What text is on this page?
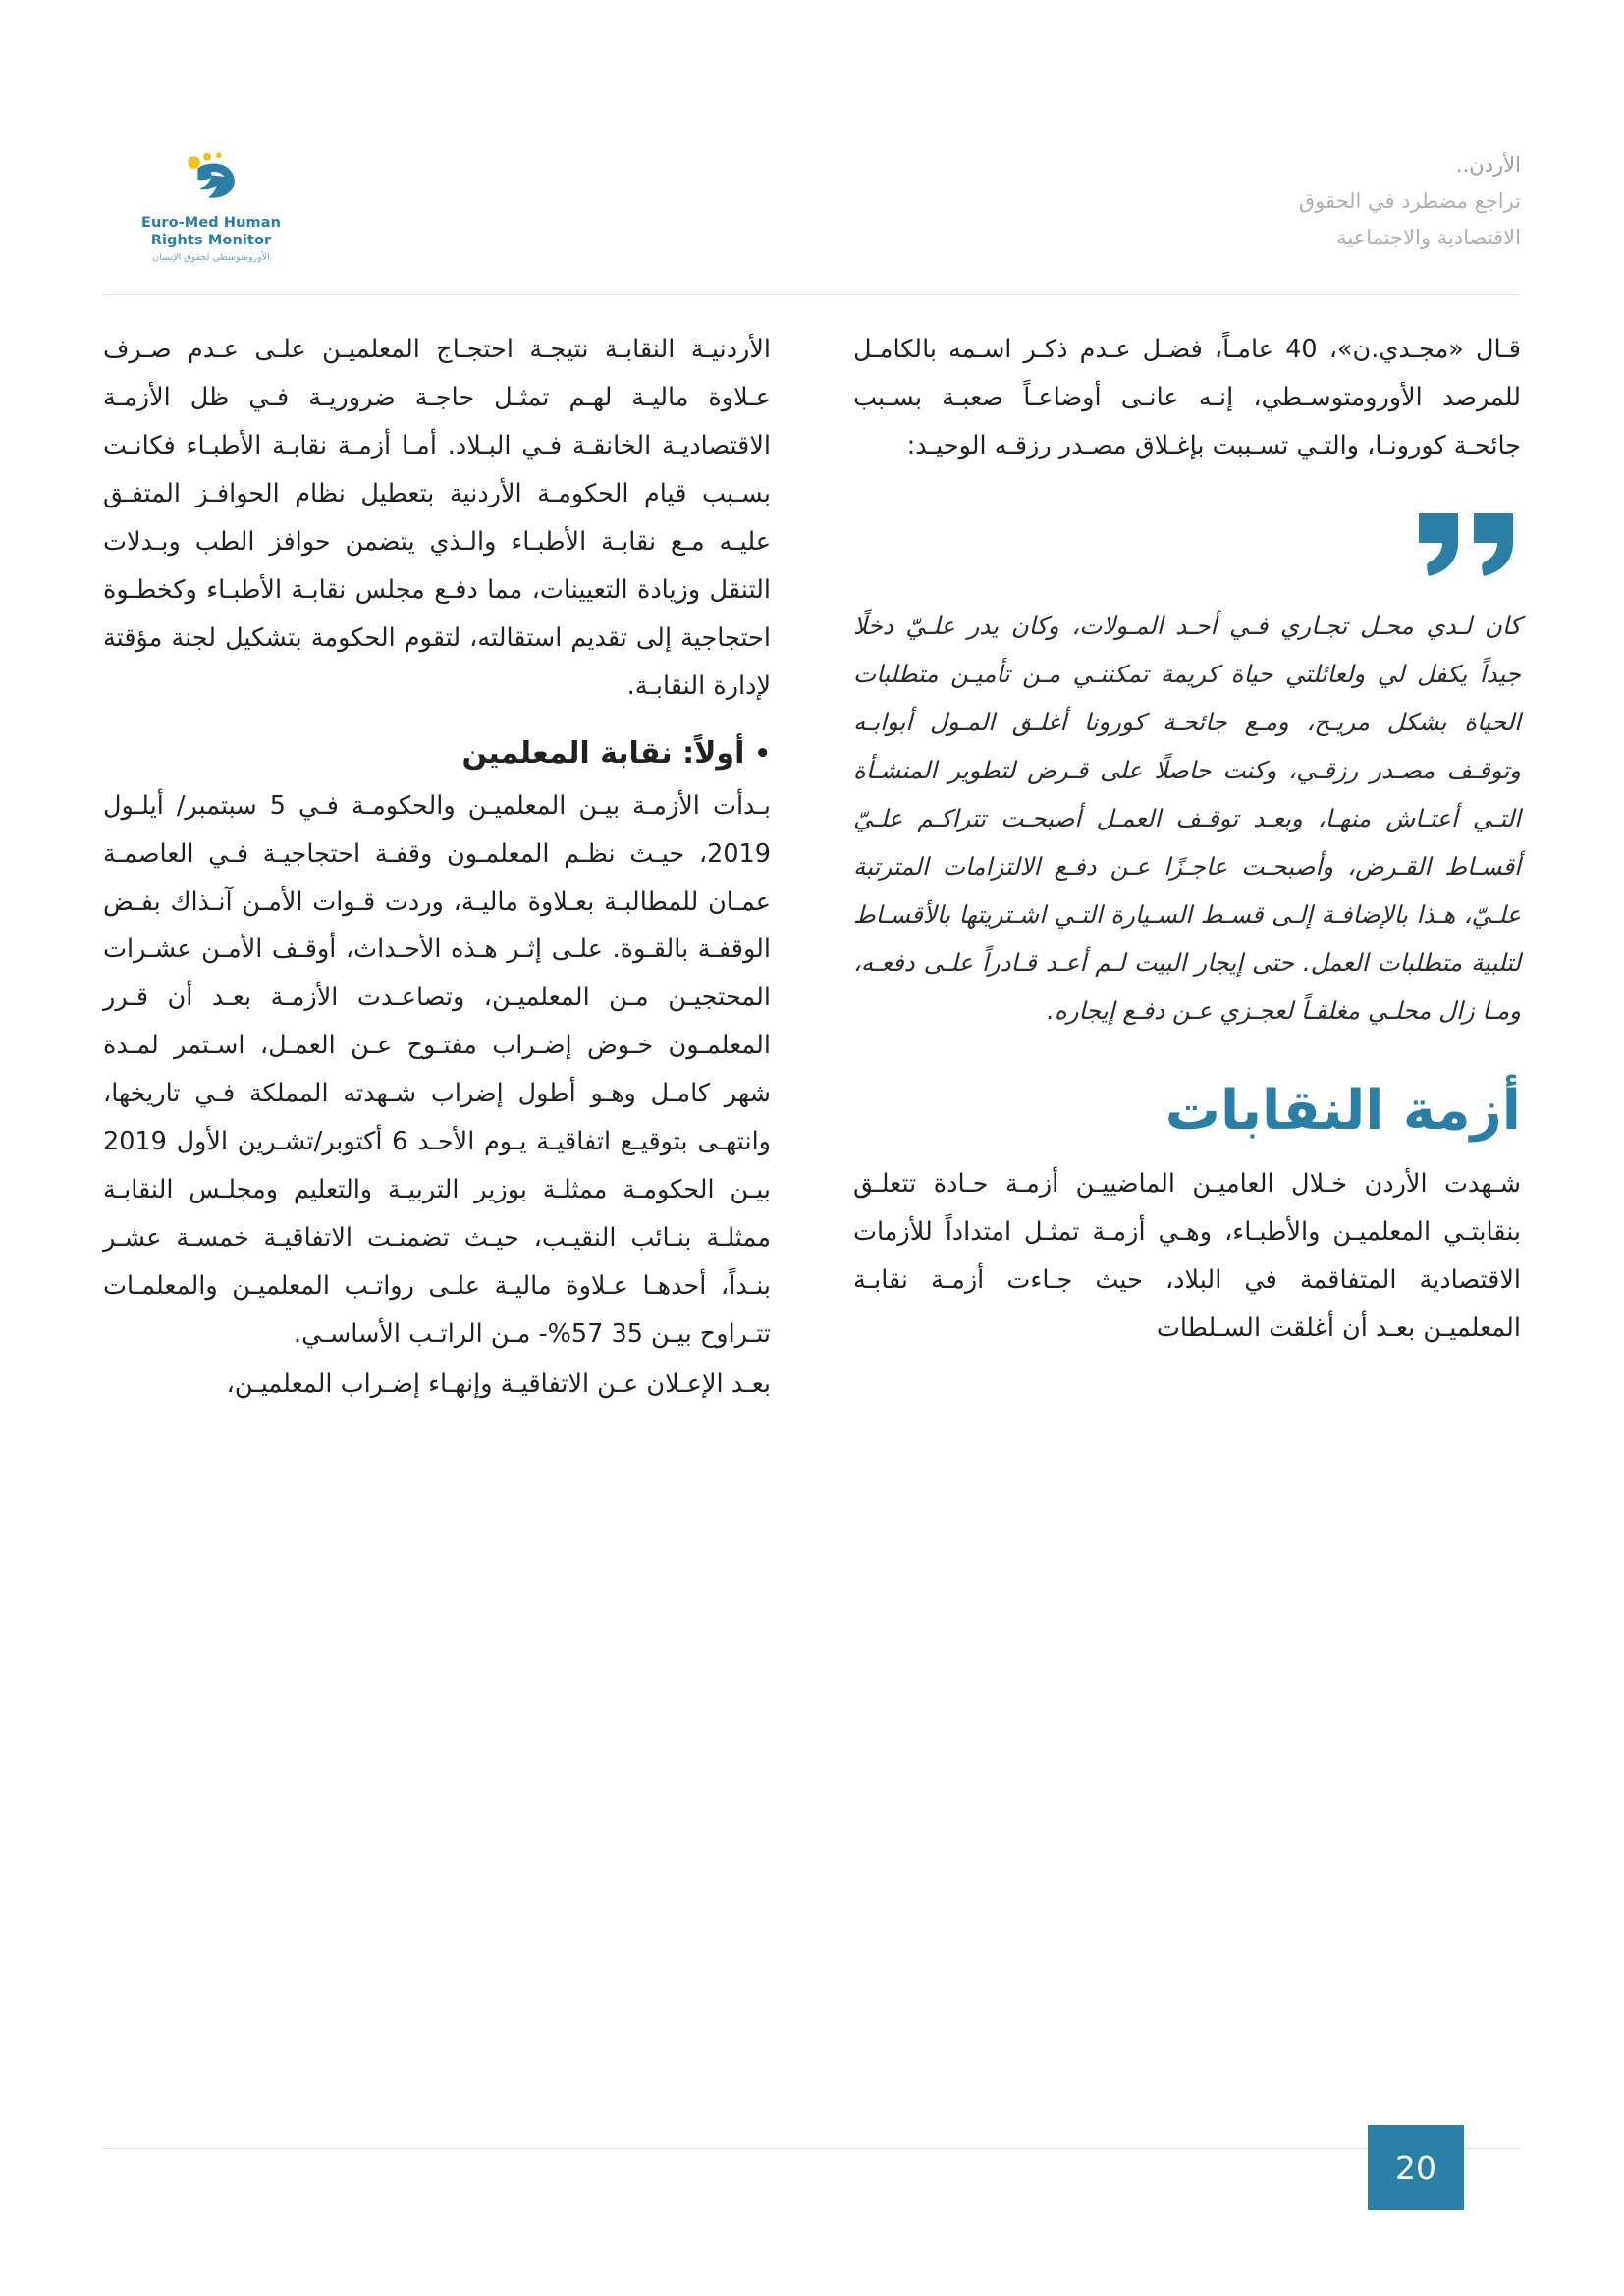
الأردن..
تراجع مضطرد في الحقوق
الاقتصادية والاجتماعية
Euro-Med Human
Rights Monitor
الأورومتوسطي لحقوق الإنسان

قـال «مجـدي.ن»، 40 عامـاً، فضـل عـدم ذكـر اسـمه بالكامـل للمرصد الأورومتوسـطي، إنـه عانـى أوضاعـاً صعبـة بسـبب جائحـة كورونـا، والتـي تسـببت بإغـلاق مصـدر رزقـه الوحيـد:

كان لـدي محـل تجـاري فـي أحـد المـولات، وكان يدر علـيّ دخلًا جيداً يكفل لي ولعائلتي حياة كريمة تمكننـي مـن تأميـن متطلبات الحياة بشكل مريـح، ومـع جائحـة كورونا أغلـق المـول أبوابـه وتوقـف مصـدر رزقـي، وكنت حاصلًا على قـرض لتطوير المنشـأة التـي أعتـاش منهـا، وبعـد توقـف العمـل أصبحـت تتراكـم علـيّ أقسـاط القـرض، وأصبحـت عاجـزًا عـن دفـع الالتزامات المترتبة علـيّ، هـذا بالإضافـة إلـى قسـط السـيارة التـي اشـتريتها بالأقسـاط لتلبية متطلبات العمل. حتى إيجار البيت لـم أعـد قـادراً علـى دفعـه، ومـا زال محلـي مغلقـاً لعجـزي عـن دفـع إيجاره.

أزمة النقابات

شـهدت الأردن خـلال العاميـن الماضييـن أزمـة حـادة تتعلـق بنقابتـي المعلميـن والأطبـاء، وهـي أزمـة تمثـل امتداداً للأزمات الاقتصادية المتفاقمة في البلاد، حيث جـاءت أزمـة نقابـة المعلميـن بعـد أن أغلقت السـلطات

الأردنيـة النقابـة نتيجـة احتجـاج المعلميـن علـى عـدم صـرف عـلاوة ماليـة لهـم تمثـل حاجـة ضروريـة فـي ظل الأزمـة الاقتصاديـة الخانقـة فـي البـلاد. أمـا أزمـة نقابـة الأطبـاء فكانـت بسـبب قيام الحكومـة الأردنية بتعطيل نظام الحوافـز المتفـق عليـه مـع نقابـة الأطبـاء والـذي يتضمن حوافز الطب وبـدلات التنقل وزيادة التعيينات، مما دفـع مجلس نقابـة الأطبـاء وكخطـوة احتجاجية إلى تقديم استقالته، لتقوم الحكومة بتشكيل لجنة مؤقتة لإدارة النقابـة.

•أولاً: نقابة المعلمين

بـدأت الأزمـة بيـن المعلميـن والحكومـة فـي 5 سبتمبر/ أيلـول 2019، حيـث نظـم المعلمـون وقفـة احتجاجيـة فـي العاصمـة عمـان للمطالبـة بعـلاوة ماليـة، وردت قـوات الأمـن آنـذاك بفـض الوقفـة بالقـوة. علـى إثـر هـذه الأحـداث، أوقـف الأمـن عشـرات المحتجيـن مـن المعلميـن، وتصاعـدت الأزمـة بعـد أن قـرر المعلمـون خـوض إضـراب مفتـوح عـن العمـل، اسـتمر لمـدة شهر كامـل وهـو أطول إضراب شـهدته المملكة فـي تاريخها، وانتهـى بتوقيـع اتفاقيـة يـوم الأحـد 6 أكتوبر/تشـرين الأول 2019 بيـن الحكومـة ممثلـة بوزير التربيـة والتعليم ومجلـس النقابـة ممثلـة بنـائب النقيـب، حيـث تضمنـت الاتفاقيـة خمسـة عشـر بنـداً، أحدهـا عـلاوة ماليـة علـى رواتـب المعلميـن والمعلمـات تتـراوح بيـن 35 57%- مـن الراتـب الأساسـي.

بعـد الإعـلان عـن الاتفاقيـة وإنهـاء إضـراب المعلميـن،

20
